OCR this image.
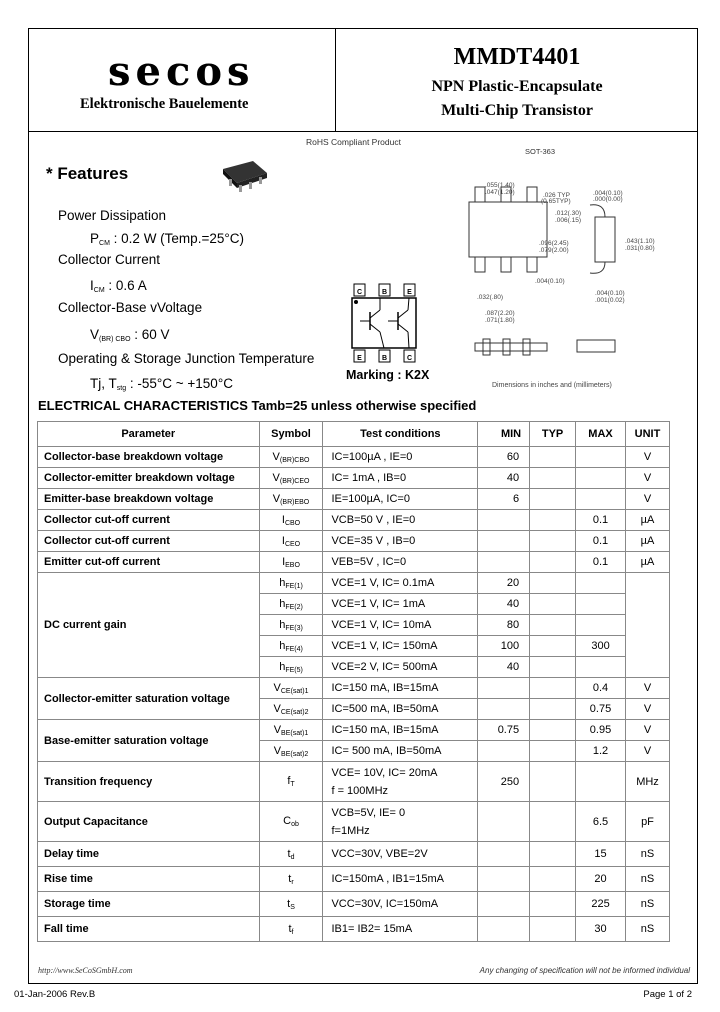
secos
Elektronische Bauelemente
MMDT4401
NPN Plastic-Encapsulate
Multi-Chip Transistor
RoHS Compliant Product
SOT-363
* Features
Power Dissipation
$P_{CM}$ : 0.2 W (Temp.=25°C)
Collector Current
$I_{CM}$ : 0.6 A
Collector-Base vVoltage
$V_{(BR) CBO}$ : 60 V
Operating & Storage Junction Temperature
Tj, $T_{stg}$ : -55°C ~ +150°C
C	B	E
E	B	C
Marking : K2X
.055(1.40)
.047(1.20)	.026 TYP
(0.65TYP)
.012(.30)
.006(.15)
.096(2.45)
.079(2.00)
.004(0.10)
.000(0.00)
.043(1.10)
.031(0.80)
.004(0.10)
.032(.80)
.087(2.20)
.071(1.80)
.004(0.10)
.001(0.02)
Dimensions in inches and (millimeters)
ELECTRICAL CHARACTERISTICS Tamb=25 unless otherwise specified
Parameter	Symbol	Test conditions	MIN	TYP	MAX	UNIT
Collector-base breakdown voltage	$V_{(BR)CBO}$	IC=100µA , IE=0	60			V
Collector-emitter breakdown voltage	$V_{(BR)CEO}$	IC= 1mA , IB=0	40			V
Emitter-base breakdown voltage	$V_{(BR)EBO}$	IE=100µA, IC=0	6			V
Collector cut-off current	$I_{CBO}$	VCB=50 V , IE=0			0.1	µA
Collector cut-off current	$I_{CEO}$	VCE=35 V , IB=0			0.1	µA
Emitter cut-off current	$I_{EBO}$	VEB=5V , IC=0			0.1	µA
DC current gain	$h_{FE(1)}$	VCE=1 V, IC= 0.1mA	20			
	$h_{FE(2)}$	VCE=1 V, IC= 1mA	40			
	$h_{FE(3)}$	VCE=1 V, IC= 10mA	80			
	$h_{FE(4)}$	VCE=1 V, IC= 150mA	100		300	
	$h_{FE(5)}$	VCE=2 V, IC= 500mA	40			
Collector-emitter saturation voltage	$V_{CE(sat)1}$	IC=150 mA, IB=15mA			0.4	V
	$V_{CE(sat)2}$	IC=500 mA, IB=50mA			0.75	V
Base-emitter saturation voltage	$V_{BE(sat)1}$	IC=150 mA, IB=15mA	0.75		0.95	V
	$V_{BE(sat)2}$	IC= 500 mA, IB=50mA			1.2	V
Transition frequency	$f_T$	VCE= 10V, IC= 20mA
f = 100MHz	250			MHz
Output Capacitance	$C_{ob}$	VCB=5V, IE= 0
f=1MHz			6.5	pF
Delay time	$t_d$	VCC=30V, VBE=2V			15	nS
Rise time	$t_r$	IC=150mA , IB1=15mA			20	nS
Storage time	$t_S$	VCC=30V, IC=150mA			225	nS
Fall time	$t_f$	IB1= IB2= 15mA			30	nS
http://www.SeCoSGmbH.com	Any changing of specification will not be informed individual
01-Jan-2006 Rev.B	Page 1 of 2
